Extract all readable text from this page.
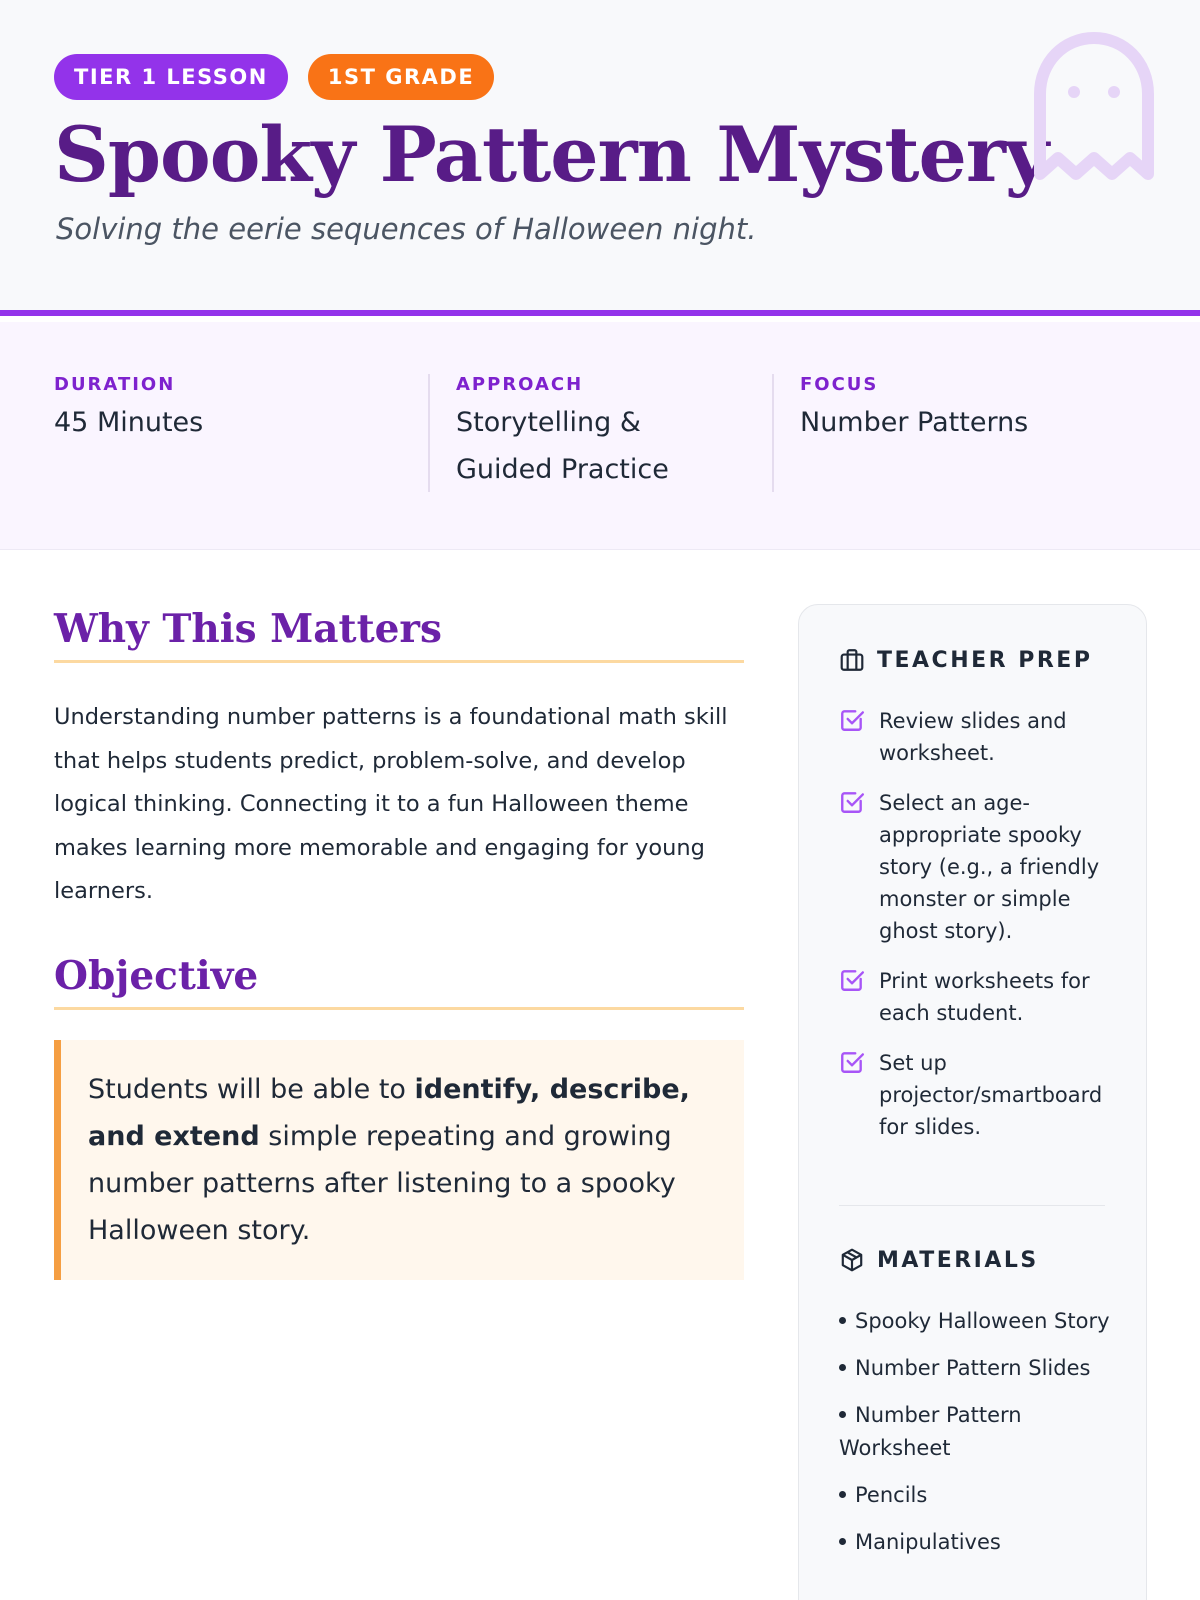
TIER 1 LESSON	1ST GRADE
Spooky Pattern Mystery

Solving the eerie sequences of Halloween night.

DURATION
45 Minutes
APPROACH
Storytelling &
Guided Practice
FOCUS
Number Patterns
Why This Matters

Understanding number patterns is a foundational math skill that helps students predict, problem-solve, and develop logical thinking. Connecting it to a fun Halloween theme makes learning more memorable and engaging for young learners.

Objective
Students will be able to identify, describe, and extend simple repeating and growing number patterns after listening to a spooky Halloween story.
TEACHER PREP
Review slides and worksheet.
Select an age-appropriate spooky story (e.g., a friendly monster or simple ghost story).
Print worksheets for each student.
Set up projector/smartboard for slides.
MATERIALS
Spooky Halloween Story
Number Pattern Slides
Number Pattern Worksheet
Pencils
Manipulatives
